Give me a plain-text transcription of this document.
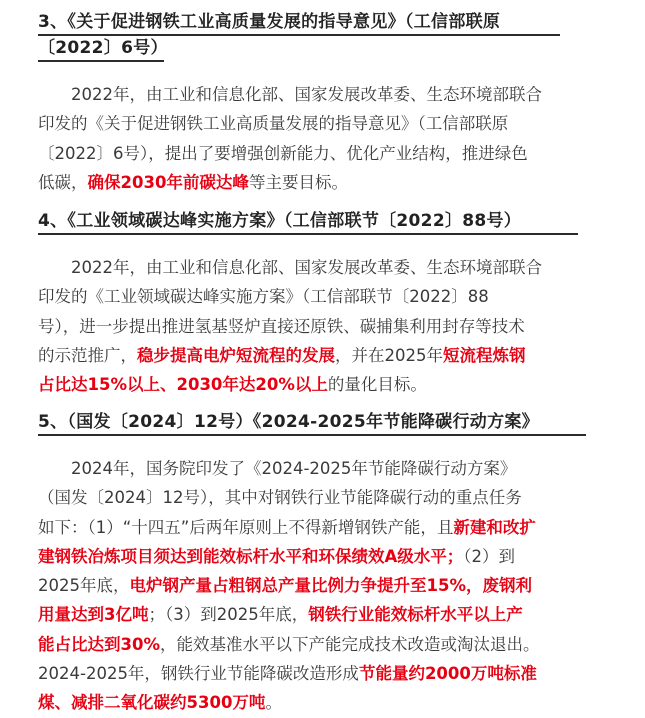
3、《关于促进钢铁工业高质量发展的指导意见》（工信部联原
〔2022〕6号）
2022年，由工业和信息化部、国家发展改革委、生态环境部联合
印发的《关于促进钢铁工业高质量发展的指导意见》（工信部联原
〔2022〕6号），提出了要增强创新能力、优化产业结构，推进绿色
低碳，确保2030年前碳达峰等主要目标。
4、《工业领域碳达峰实施方案》（工信部联节〔2022〕88号）
2022年，由工业和信息化部、国家发展改革委、生态环境部联合
印发的《工业领域碳达峰实施方案》（工信部联节〔2022〕88
号），进一步提出推进氢基竖炉直接还原铁、碳捕集利用封存等技术
的示范推广，稳步提高电炉短流程的发展，并在2025年短流程炼钢
占比达15%以上、2030年达20%以上的量化目标。
5、（国发〔2024〕12号）《2024-2025年节能降碳行动方案》
2024年，国务院印发了《2024-2025年节能降碳行动方案》
（国发〔2024〕12号），其中对钢铁行业节能降碳行动的重点任务
如下：（1）“十四五”后两年原则上不得新增钢铁产能，且新建和改扩
建钢铁冶炼项目须达到能效标杆水平和环保绩效A级水平；（2）到
2025年底，电炉钢产量占粗钢总产量比例力争提升至15%，废钢利
用量达到3亿吨；（3）到2025年底，钢铁行业能效标杆水平以上产
能占比达到30%，能效基准水平以下产能完成技术改造或淘汰退出。
2024-2025年，钢铁行业节能降碳改造形成节能量约2000万吨标准
煤、减排二氧化碳约5300万吨。
